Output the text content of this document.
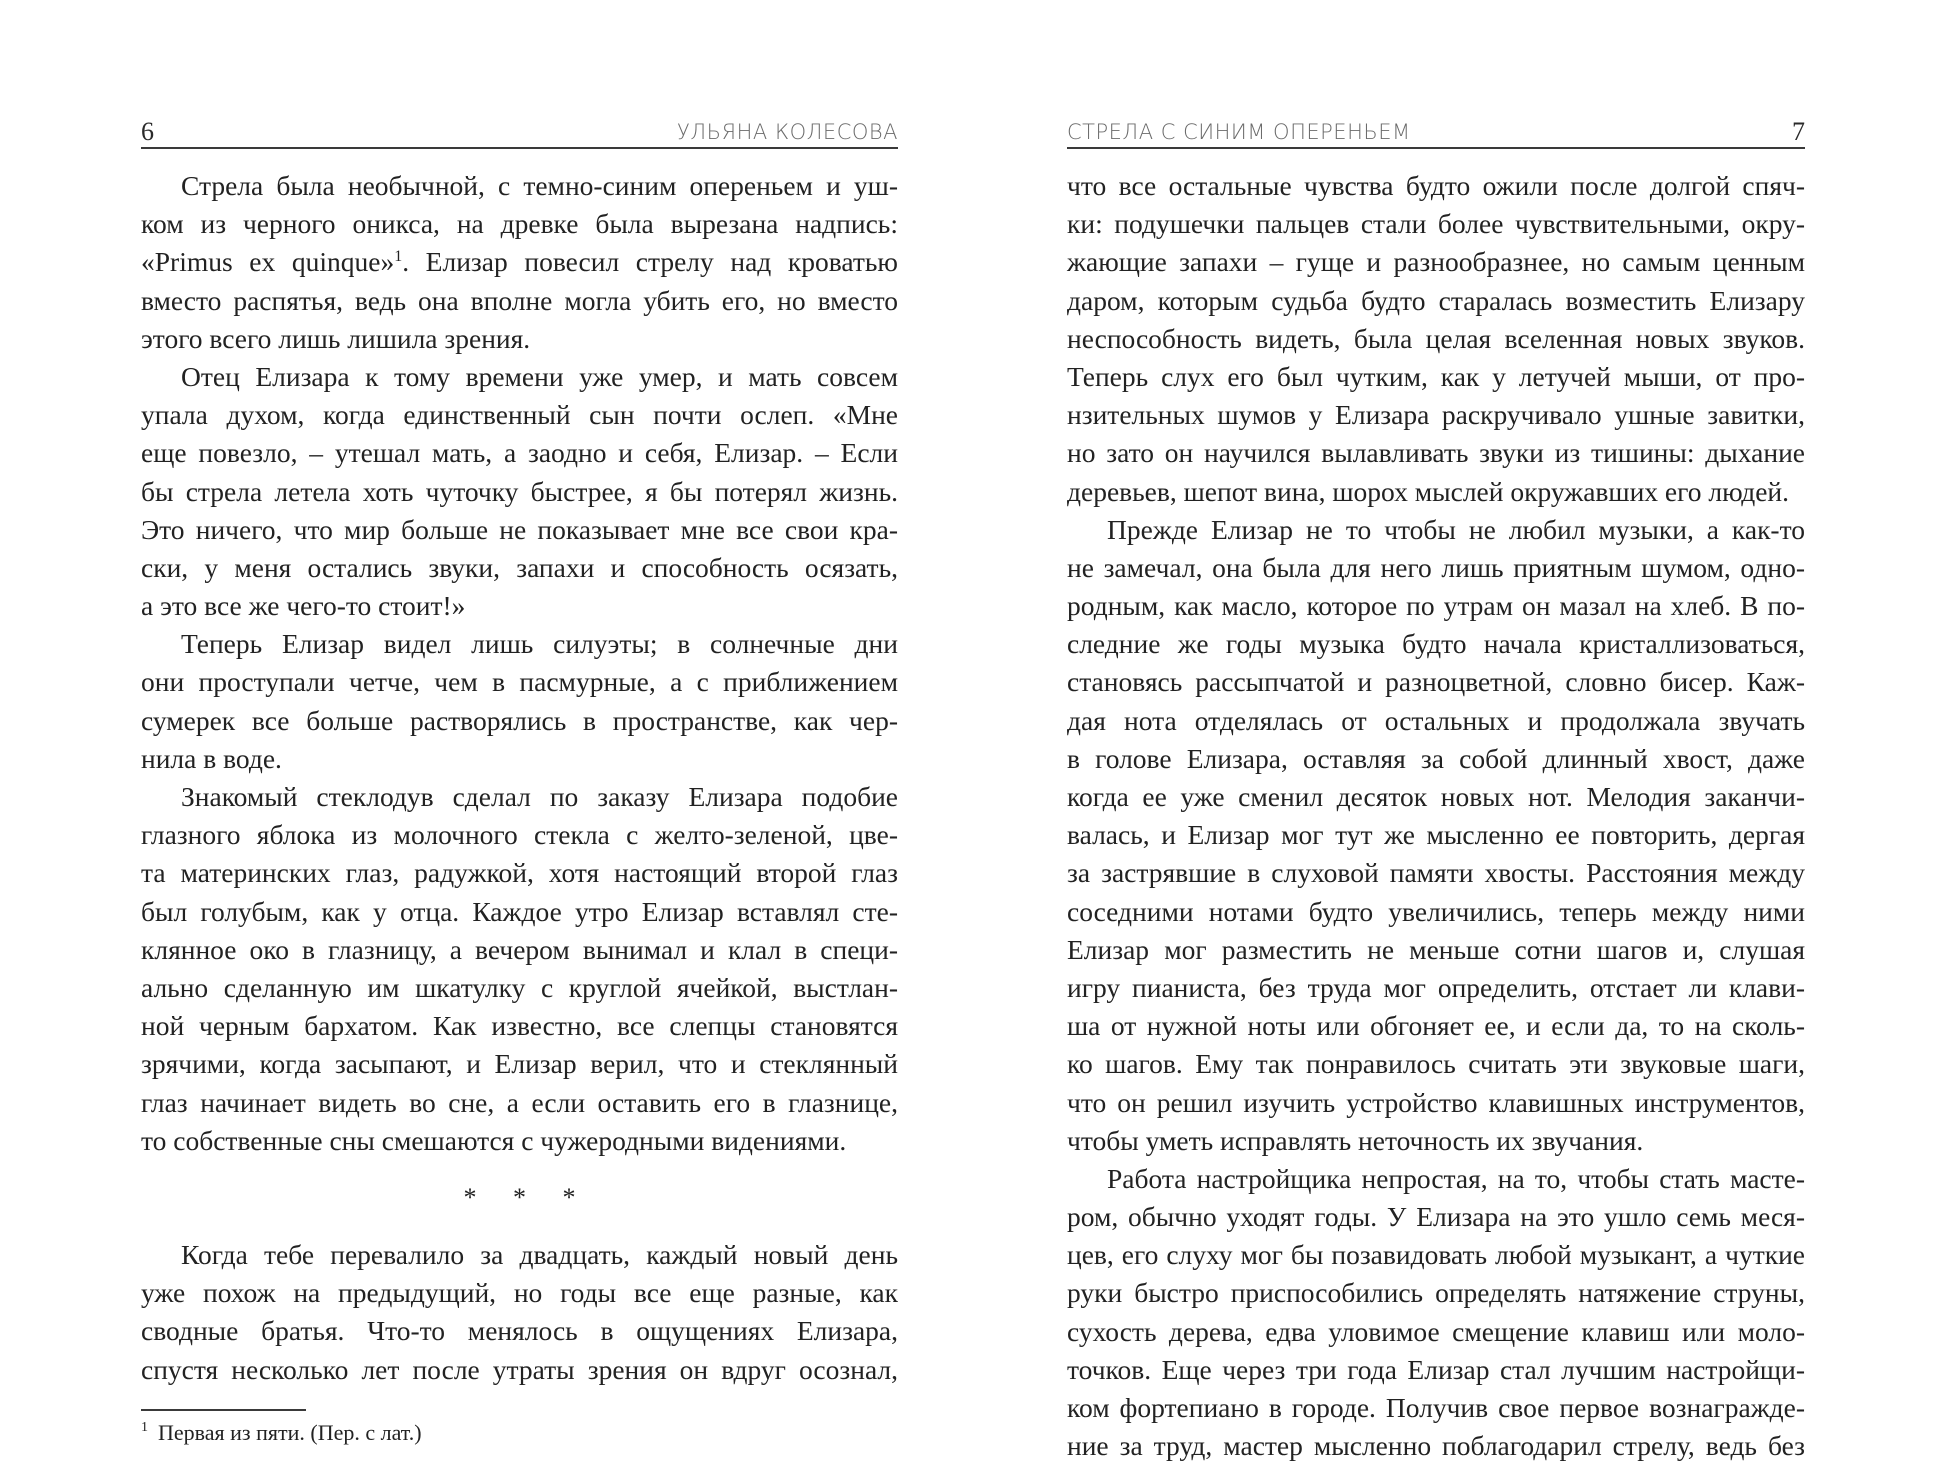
6	УЛЬЯНА КОЛЕСОВА
Стрела была необычной, с темно-синим опереньем и уш-
ком из черного оникса, на древке была вырезана надпись:
«Primus ex quinque»$^1$. Елизар повесил стрелу над кроватью
вместо распятья, ведь она вполне могла убить его, но вместо
этого всего лишь лишила зрения.
Отец Елизара к тому времени уже умер, и мать совсем
упала духом, когда единственный сын почти ослеп. «Мне
еще повезло, – утешал мать, а заодно и себя, Елизар. – Если
бы стрела летела хоть чуточку быстрее, я бы потерял жизнь.
Это ничего, что мир больше не показывает мне все свои кра-
ски, у меня остались звуки, запахи и способность осязать,
а это все же чего-то стоит!»
Теперь Елизар видел лишь силуэты; в солнечные дни
они проступали четче, чем в пасмурные, а с приближением
сумерек все больше растворялись в пространстве, как чер-
нила в воде.
Знакомый стеклодув сделал по заказу Елизара подобие
глазного яблока из молочного стекла с желто-зеленой, цве-
та материнских глаз, радужкой, хотя настоящий второй глаз
был голубым, как у отца. Каждое утро Елизар вставлял сте-
клянное око в глазницу, а вечером вынимал и клал в специ-
ально сделанную им шкатулку с круглой ячейкой, выстлан-
ной черным бархатом. Как известно, все слепцы становятся
зрячими, когда засыпают, и Елизар верил, что и стеклянный
глаз начинает видеть во сне, а если оставить его в глазнице,
то собственные сны смешаются с чужеродными видениями.
* * *
Когда тебе перевалило за двадцать, каждый новый день
уже похож на предыдущий, но годы все еще разные, как
сводные братья. Что-то менялось в ощущениях Елизара,
спустя несколько лет после утраты зрения он вдруг осознал,
$^1$ Первая из пяти. (Пер. с лат.)
СТРЕЛА С СИНИМ ОПЕРЕНЬЕМ	7
что все остальные чувства будто ожили после долгой спяч-
ки: подушечки пальцев стали более чувствительными, окру-
жающие запахи – гуще и разнообразнее, но самым ценным
даром, которым судьба будто старалась возместить Елизару
неспособность видеть, была целая вселенная новых звуков.
Теперь слух его был чутким, как у летучей мыши, от про-
нзительных шумов у Елизара раскручивало ушные завитки,
но зато он научился вылавливать звуки из тишины: дыхание
деревьев, шепот вина, шорох мыслей окружавших его людей.
Прежде Елизар не то чтобы не любил музыки, а как-то
не замечал, она была для него лишь приятным шумом, одно-
родным, как масло, которое по утрам он мазал на хлеб. В по-
следние же годы музыка будто начала кристаллизоваться,
становясь рассыпчатой и разноцветной, словно бисер. Каж-
дая нота отделялась от остальных и продолжала звучать
в голове Елизара, оставляя за собой длинный хвост, даже
когда ее уже сменил десяток новых нот. Мелодия заканчи-
валась, и Елизар мог тут же мысленно ее повторить, дергая
за застрявшие в слуховой памяти хвосты. Расстояния между
соседними нотами будто увеличились, теперь между ними
Елизар мог разместить не меньше сотни шагов и, слушая
игру пианиста, без труда мог определить, отстает ли клави-
ша от нужной ноты или обгоняет ее, и если да, то на сколь-
ко шагов. Ему так понравилось считать эти звуковые шаги,
что он решил изучить устройство клавишных инструментов,
чтобы уметь исправлять неточность их звучания.
Работа настройщика непростая, на то, чтобы стать масте-
ром, обычно уходят годы. У Елизара на это ушло семь меся-
цев, его слуху мог бы позавидовать любой музыкант, а чуткие
руки быстро приспособились определять натяжение струны,
сухость дерева, едва уловимое смещение клавиш или моло-
точков. Еще через три года Елизар стал лучшим настройщи-
ком фортепиано в городе. Получив свое первое вознагражде-
ние за труд, мастер мысленно поблагодарил стрелу, ведь без
